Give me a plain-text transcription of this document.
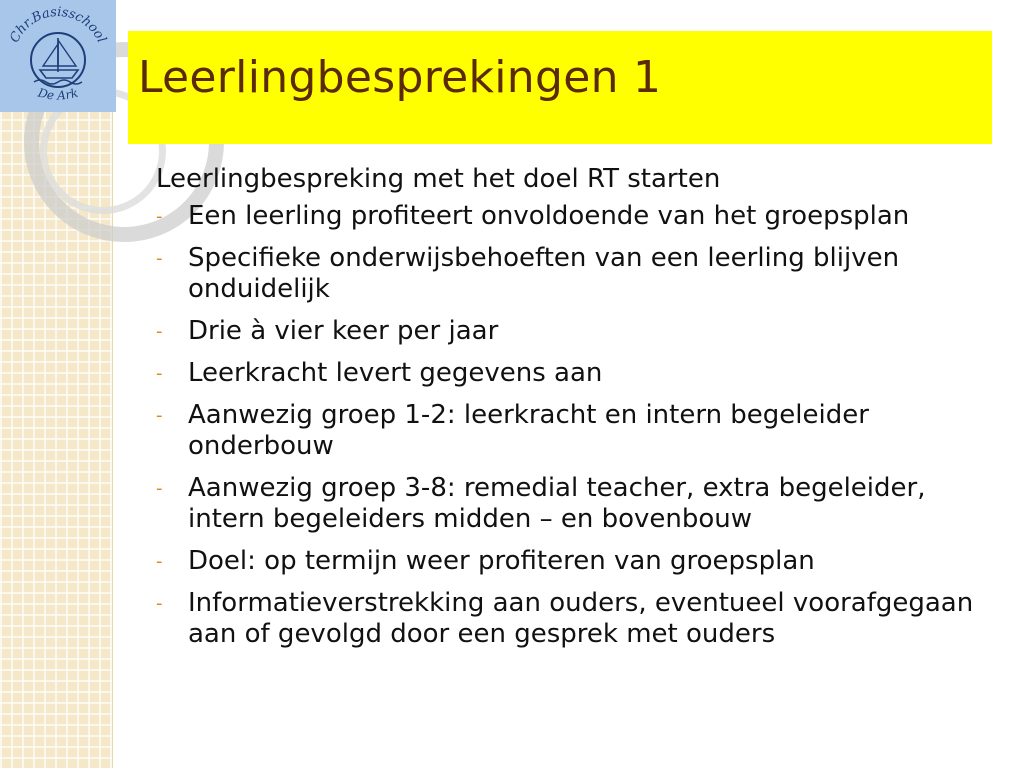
Chr.Basisschool
De Ark Leerlingbesprekingen 1

Leerlingbespreking met het doel RT starten

- Een leerling profiteert onvoldoende van het groepsplan
- Specifieke onderwijsbehoeften van een leerling blijven onduidelijk
- Drie à vier keer per jaar
- Leerkracht levert gegevens aan
- Aanwezig groep 1-2: leerkracht en intern begeleider onderbouw
- Aanwezig groep 3-8: remedial teacher, extra begeleider, intern begeleiders midden – en bovenbouw
- Doel: op termijn weer profiteren van groepsplan
- Informatieverstrekking aan ouders, eventueel voorafgegaan aan of gevolgd door een gesprek met ouders
